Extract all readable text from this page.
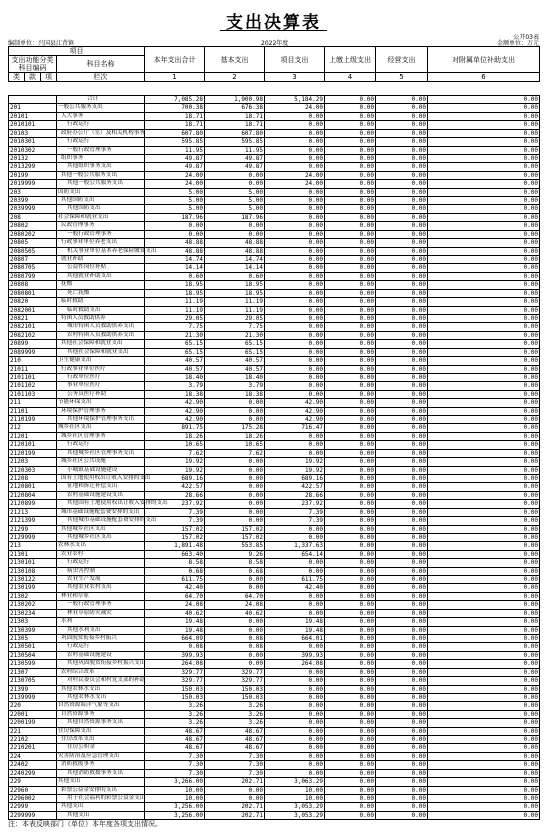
支出决算表
公开03表
编制单位：兴国县江背镇	2022年度	金额单位：万元
项目				本年支出合计	基本支出	项目支出	上缴上级支出	经营支出	对附属单位补助支出
支出功能分类科目编码			科目名称						

类	款	项	栏次	1	2	3	4	5	6
	合计	7,085.28	1,900.98	5,184.29	0.00	0.00	0.00
201	一般公共服务支出	700.38	676.38	24.00	0.00	0.00	0.00
20101	人大事务	18.71	18.71	0.00	0.00	0.00	0.00
2010101	行政运行	18.71	18.71	0.00	0.00	0.00	0.00
20103	政府办公厅（室）及相关机构事务	607.80	607.80	0.00	0.00	0.00	0.00
2010301	行政运行	595.85	595.85	0.00	0.00	0.00	0.00
2010302	一般行政管理事务	11.95	11.95	0.00	0.00	0.00	0.00
20132	组织事务	49.87	49.87	0.00	0.00	0.00	0.00
2013299	其他组织事务支出	49.87	49.87	0.00	0.00	0.00	0.00
20199	其他一般公共服务支出	24.00	0.00	24.00	0.00	0.00	0.00
2019999	其他一般公共服务支出	24.00	0.00	24.00	0.00	0.00	0.00
203	国防支出	5.00	5.00	0.00	0.00	0.00	0.00
20399	其他国防支出	5.00	5.00	0.00	0.00	0.00	0.00
2039999	其他国防支出	5.00	5.00	0.00	0.00	0.00	0.00
208	社会保障和就业支出	187.96	187.96	0.00	0.00	0.00	0.00
20802	民政管理事务	0.00	0.00	0.00	0.00	0.00	0.00
2080202	一般行政管理事务	0.00	0.00	0.00	0.00	0.00	0.00
20805	行政事业单位养老支出	48.88	48.88	0.00	0.00	0.00	0.00
2080505	机关事业单位基本养老保险缴费支出	48.88	48.88	0.00	0.00	0.00	0.00
20807	就业补助	14.74	14.74	0.00	0.00	0.00	0.00
2080705	公益性岗位补贴	14.14	14.14	0.00	0.00	0.00	0.00
2080799	其他就业补助支出	0.60	0.60	0.00	0.00	0.00	0.00
20808	抚恤	18.95	18.95	0.00	0.00	0.00	0.00
2080801	死亡抚恤	18.95	18.95	0.00	0.00	0.00	0.00
20820	临时救助	11.19	11.19	0.00	0.00	0.00	0.00
2082001	临时救助支出	11.19	11.19	0.00	0.00	0.00	0.00
20821	特困人员救助供养	29.05	29.05	0.00	0.00	0.00	0.00
2082101	城市特困人员救助供养支出	7.75	7.75	0.00	0.00	0.00	0.00
2082102	农村特困人员救助供养支出	21.30	21.30	0.00	0.00	0.00	0.00
20899	其他社会保障和就业支出	65.15	65.15	0.00	0.00	0.00	0.00
2089999	其他社会保障和就业支出	65.15	65.15	0.00	0.00	0.00	0.00
210	卫生健康支出	40.57	40.57	0.00	0.00	0.00	0.00
21011	行政事业单位医疗	40.57	40.57	0.00	0.00	0.00	0.00
2101101	行政单位医疗	18.40	18.40	0.00	0.00	0.00	0.00
2101102	事业单位医疗	3.79	3.79	0.00	0.00	0.00	0.00
2101103	公务员医疗补助	18.38	18.38	0.00	0.00	0.00	0.00
211	节能环保支出	42.90	0.00	42.90	0.00	0.00	0.00
21101	环境保护管理事务	42.90	0.00	42.90	0.00	0.00	0.00
2110199	其他环境保护管理事务支出	42.90	0.00	42.90	0.00	0.00	0.00
212	城乡社区支出	891.75	175.28	716.47	0.00	0.00	0.00
21201	城乡社区管理事务	18.26	18.26	0.00	0.00	0.00	0.00
2120101	行政运行	10.65	10.65	0.00	0.00	0.00	0.00
2120199	其他城乡社区管理事务支出	7.62	7.62	0.00	0.00	0.00	0.00
21203	城乡社区公共设施	19.92	0.00	19.92	0.00	0.00	0.00
2120303	小城镇基础设施建设	19.92	0.00	19.92	0.00	0.00	0.00
21208	国有土地使用权出让收入安排的支出	689.16	0.00	689.16	0.00	0.00	0.00
2120801	征地和拆迁补偿支出	422.57	0.00	422.57	0.00	0.00	0.00
2120804	农村基础设施建设支出	28.66	0.00	28.66	0.00	0.00	0.00
2120899	其他国有土地使用权出让收入安排的支出	237.92	0.00	237.92	0.00	0.00	0.00
21213	城市基础设施配套费安排的支出	7.39	0.00	7.39	0.00	0.00	0.00
2121399	其他城市基础设施配套费安排的支出	7.39	0.00	7.39	0.00	0.00	0.00
21299	其他城乡社区支出	157.02	157.02	0.00	0.00	0.00	0.00
2129999	其他城乡社区支出	157.02	157.02	0.00	0.00	0.00	0.00
213	农林水支出	1,891.48	553.85	1,337.63	0.00	0.00	0.00
21301	农业农村	663.40	9.26	654.14	0.00	0.00	0.00
2130101	行政运行	8.58	8.58	0.00	0.00	0.00	0.00
2130108	病虫害控制	0.68	0.68	0.00	0.00	0.00	0.00
2130122	农业生产发展	611.75	0.00	611.75	0.00	0.00	0.00
2130199	其他农业农村支出	42.40	0.00	42.40	0.00	0.00	0.00
21302	林业和草原	64.70	64.70	0.00	0.00	0.00	0.00
2130202	一般行政管理事务	24.08	24.08	0.00	0.00	0.00	0.00
2130234	林业草原防灾减灾	40.62	40.62	0.00	0.00	0.00	0.00
21303	水利	19.48	0.00	19.48	0.00	0.00	0.00
2130399	其他水利支出	19.48	0.00	19.48	0.00	0.00	0.00
21305	巩固脱贫衔接乡村振兴	664.09	0.08	664.01	0.00	0.00	0.00
2130501	行政运行	0.08	0.08	0.00	0.00	0.00	0.00
2130504	农村基础设施建设	399.93	0.00	399.93	0.00	0.00	0.00
2130599	其他巩固脱贫衔接乡村振兴支出	264.08	0.00	264.08	0.00	0.00	0.00
21307	农村综合改革	329.77	329.77	0.00	0.00	0.00	0.00
2130705	对村民委员会和村党支部的补助	329.77	329.77	0.00	0.00	0.00	0.00
21399	其他农林水支出	150.03	150.03	0.00	0.00	0.00	0.00
2139999	其他农林水支出	150.03	150.03	0.00	0.00	0.00	0.00
220	自然资源海洋气象等支出	3.26	3.26	0.00	0.00	0.00	0.00
22001	自然资源事务	3.26	3.26	0.00	0.00	0.00	0.00
2200199	其他自然资源事务支出	3.26	3.26	0.00	0.00	0.00	0.00
221	住房保障支出	48.67	48.67	0.00	0.00	0.00	0.00
22102	住房改革支出	48.67	48.67	0.00	0.00	0.00	0.00
2210201	住房公积金	48.67	48.67	0.00	0.00	0.00	0.00
224	灾害防治及应急管理支出	7.30	7.30	0.00	0.00	0.00	0.00
22402	消防救援事务	7.30	7.30	0.00	0.00	0.00	0.00
2240299	其他消防救援事务支出	7.30	7.30	0.00	0.00	0.00	0.00
229	其他支出	3,266.00	202.71	3,063.29	0.00	0.00	0.00
22960	彩票公益金安排的支出	10.00	0.00	10.00	0.00	0.00	0.00
2296002	用于社会福利的彩票公益金支出	10.00	0.00	10.00	0.00	0.00	0.00
22999	其他支出	3,256.00	202.71	3,053.29	0.00	0.00	0.00
2299999	其他支出	3,256.00	202.71	3,053.29	0.00	0.00	0.00
注：本表反映部门（单位）本年度各项支出情况。
